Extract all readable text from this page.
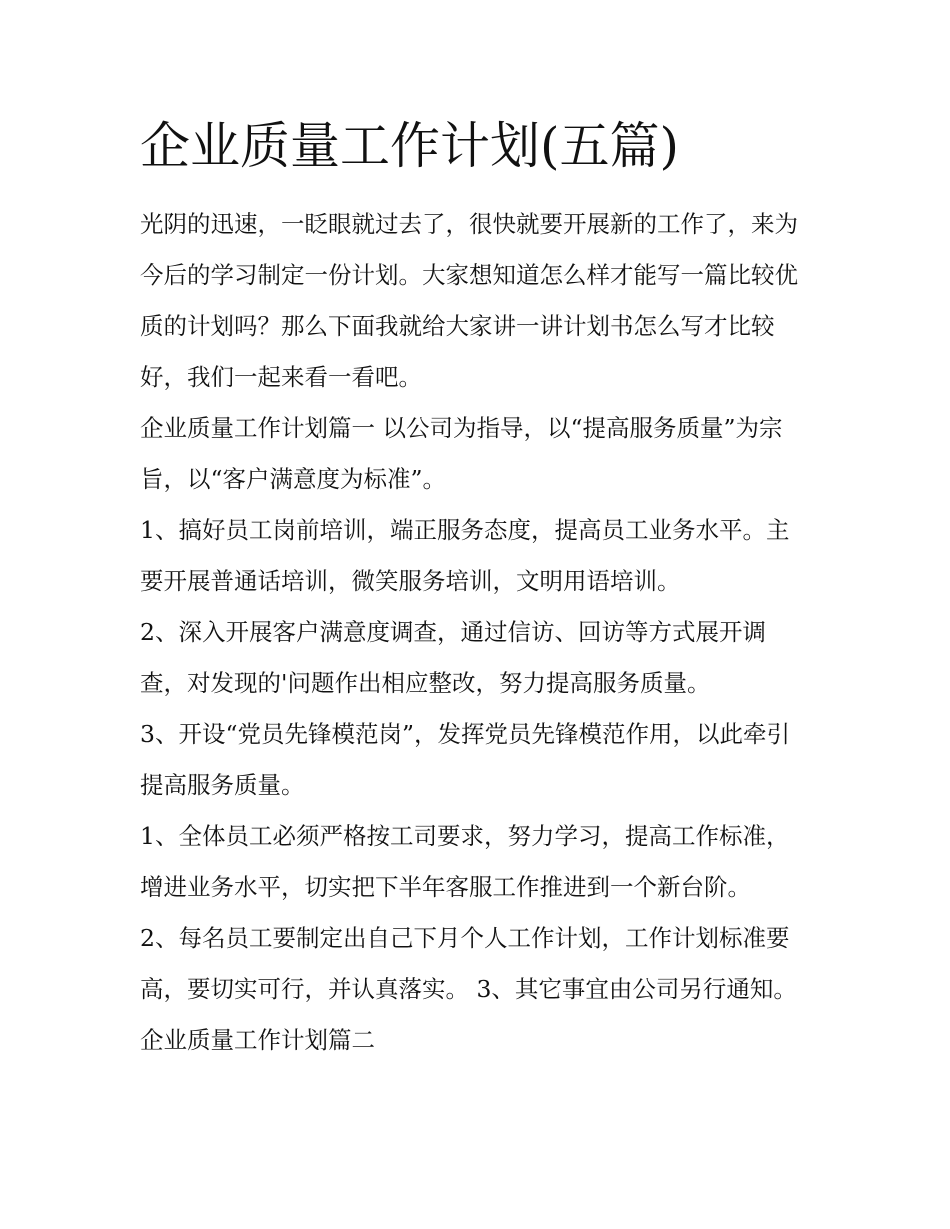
企业质量工作计划(五篇)

光阴的迅速，一眨眼就过去了，很快就要开展新的工作了，来为今后的学习制定一份计划。大家想知道怎么样才能写一篇比较优质的计划吗？那么下面我就给大家讲一讲计划书怎么写才比较好，我们一起来看一看吧。

企业质量工作计划篇一 以公司为指导，以“提高服务质量”为宗旨，以“客户满意度为标准”。

1、搞好员工岗前培训，端正服务态度，提高员工业务水平。主要开展普通话培训，微笑服务培训，文明用语培训。

2、深入开展客户满意度调查，通过信访、回访等方式展开调查，对发现的'问题作出相应整改，努力提高服务质量。

3、开设“党员先锋模范岗”，发挥党员先锋模范作用，以此牵引提高服务质量。

1、全体员工必须严格按工司要求，努力学习，提高工作标准，增进业务水平，切实把下半年客服工作推进到一个新台阶。

2、每名员工要制定出自己下月个人工作计划，工作计划标准要高，要切实可行，并认真落实。 3、其它事宜由公司另行通知。 企业质量工作计划篇二
